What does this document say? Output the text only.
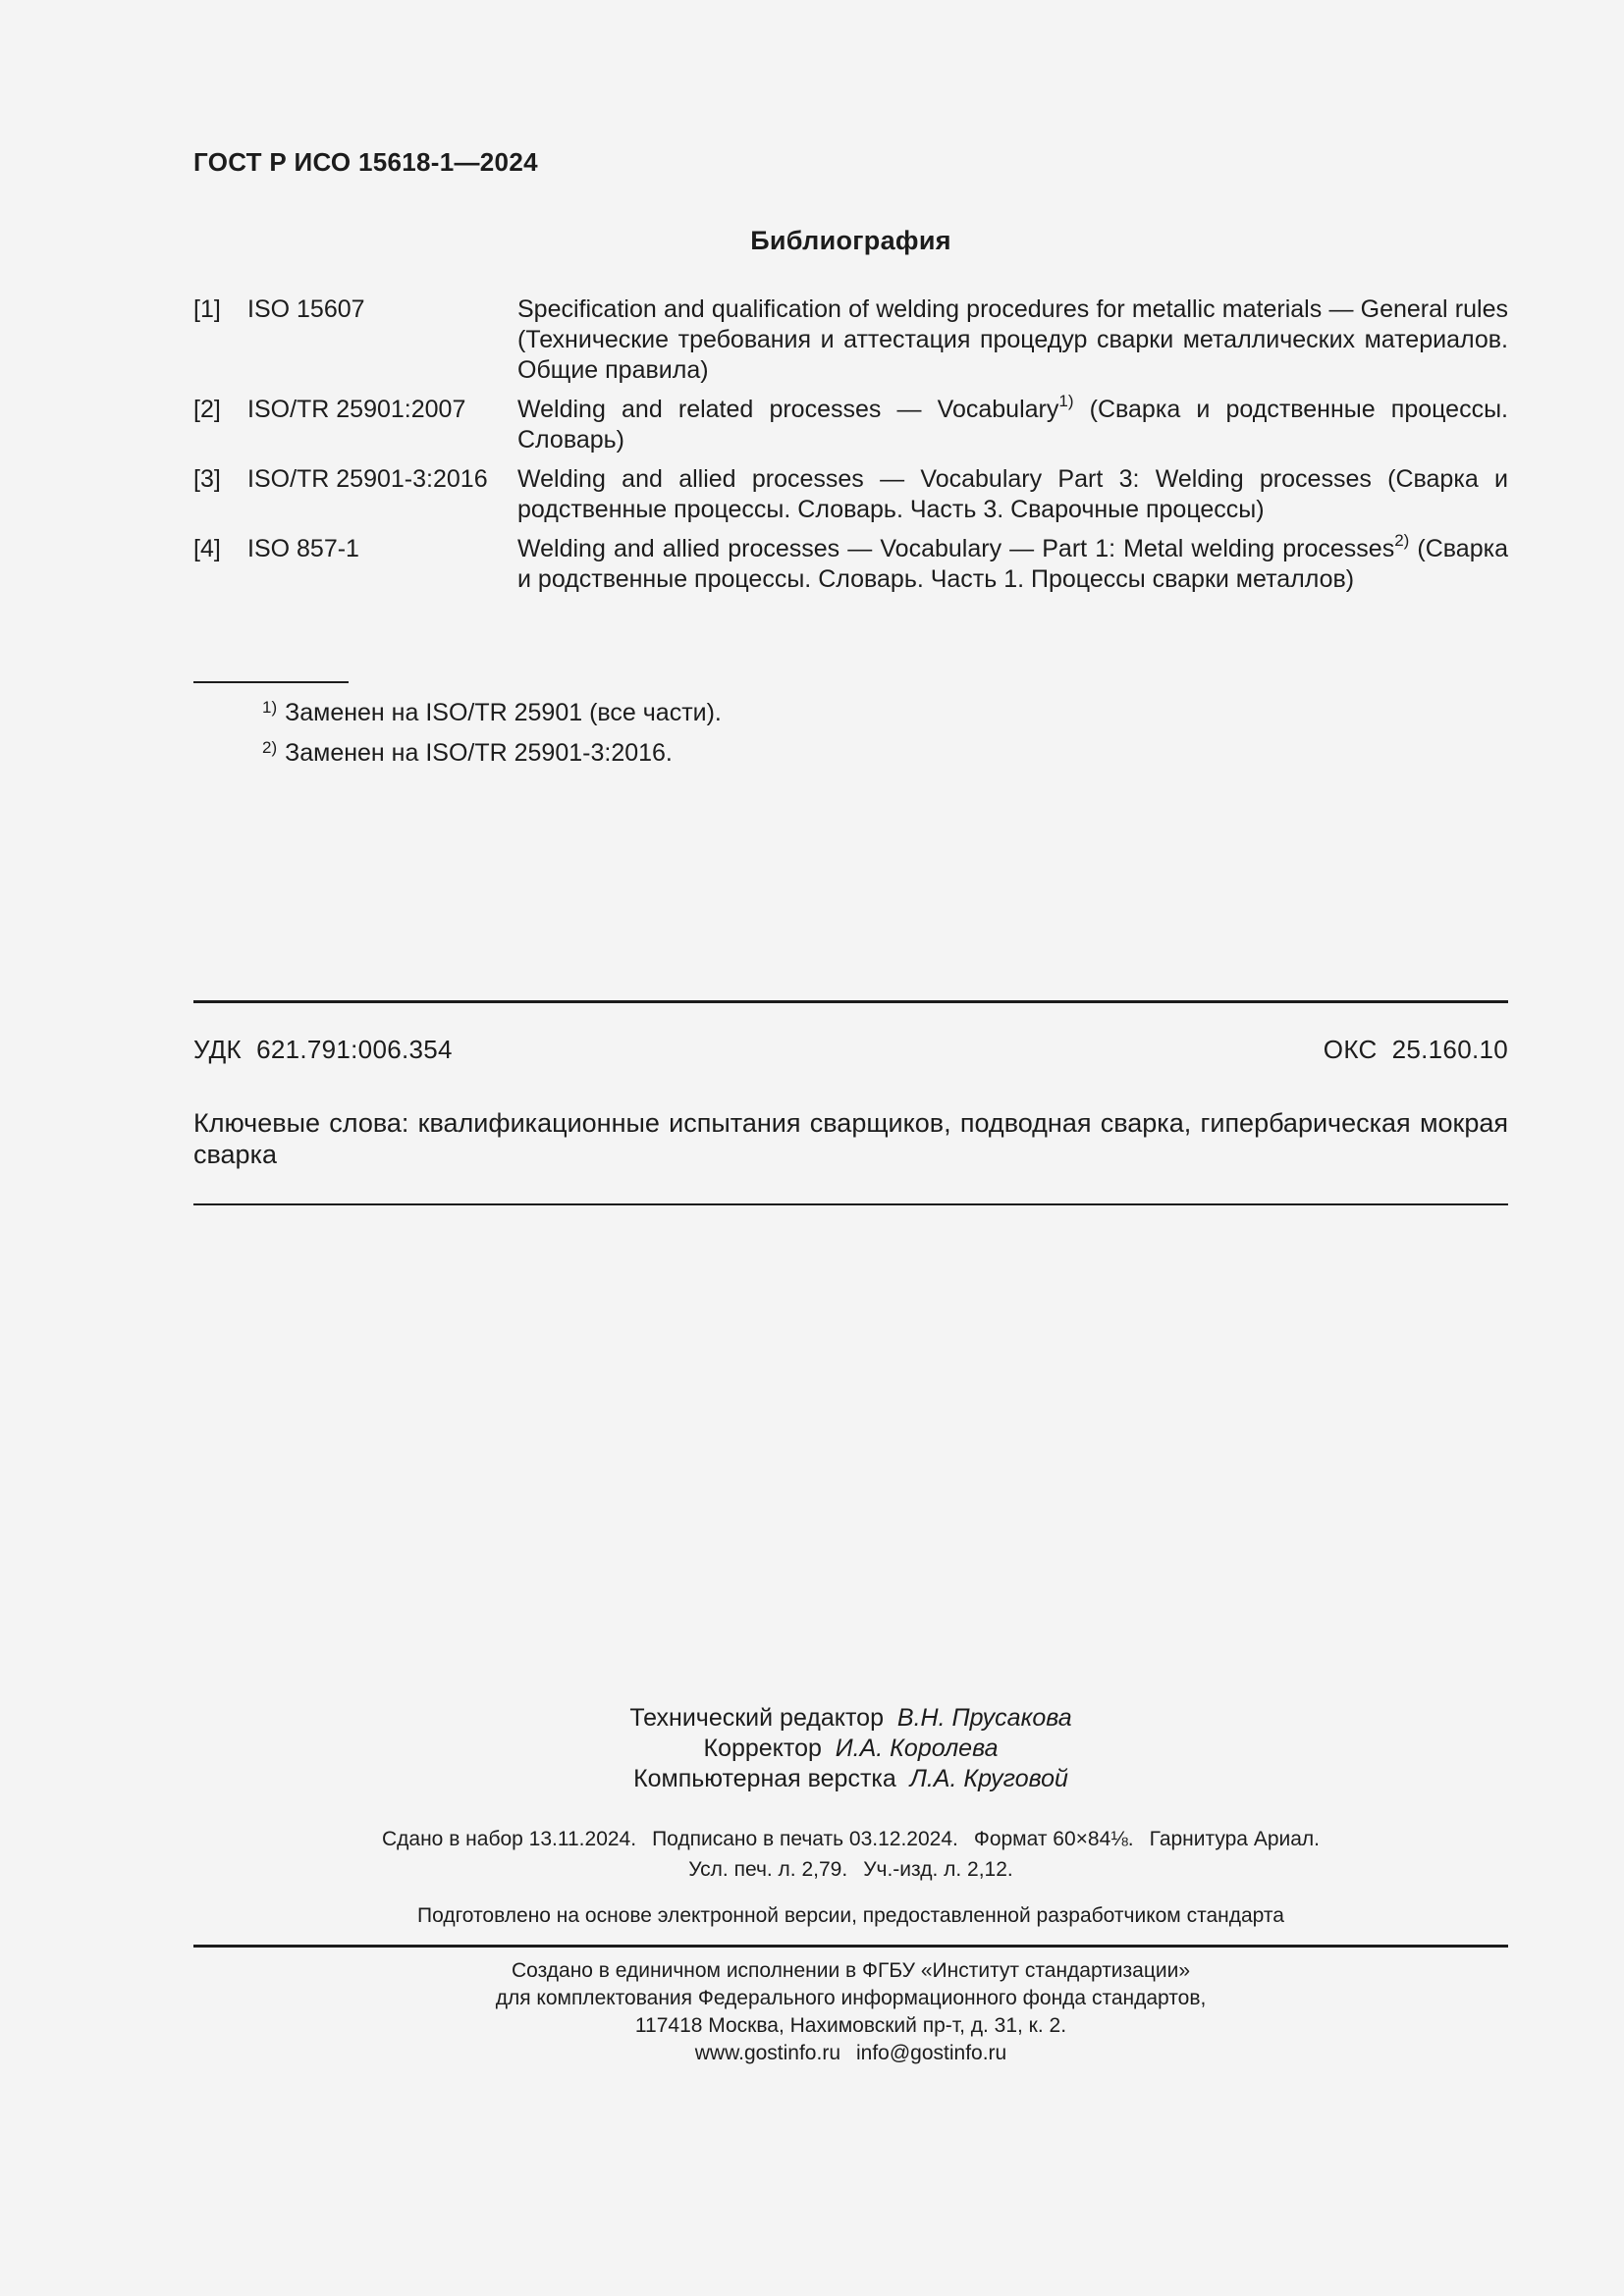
ГОСТ Р ИСО 15618-1—2024
Библиография
[1]	ISO 15607	Specification and qualification of welding procedures for metallic materials — General rules (Технические требования и аттестация процедур сварки металлических материалов. Общие правила)
[2]	ISO/TR 25901:2007	Welding and related processes — Vocabulary$^{1)}$ (Сварка и родственные процессы. Словарь)
[3]	ISO/TR 25901-3:2016	Welding and allied processes — Vocabulary Part 3: Welding processes (Сварка и родственные процессы. Словарь. Часть 3. Сварочные процессы)
[4]	ISO 857-1	Welding and allied processes — Vocabulary — Part 1: Metal welding processes$^{2)}$ (Сварка и родственные процессы. Словарь. Часть 1. Процессы сварки металлов)
$^{1)}$ Заменен на ISO/TR 25901 (все части).
$^{2)}$ Заменен на ISO/TR 25901-3:2016.
УДК 621.791:006.354	ОКС 25.160.10
Ключевые слова: квалификационные испытания сварщиков, подводная сварка, гипербарическая мокрая сварка
Технический редактор В.Н. Прусакова
Корректор И.А. Королева
Компьютерная верстка Л.А. Круговой
Сдано в набор 13.11.2024. Подписано в печать 03.12.2024. Формат 60×84⅛. Гарнитура Ариал.
Усл. печ. л. 2,79. Уч.-изд. л. 2,12.
Подготовлено на основе электронной версии, предоставленной разработчиком стандарта
Создано в единичном исполнении в ФГБУ «Институт стандартизации»
для комплектования Федерального информационного фонда стандартов,
117418 Москва, Нахимовский пр-т, д. 31, к. 2.
www.gostinfo.ru info@gostinfo.ru
